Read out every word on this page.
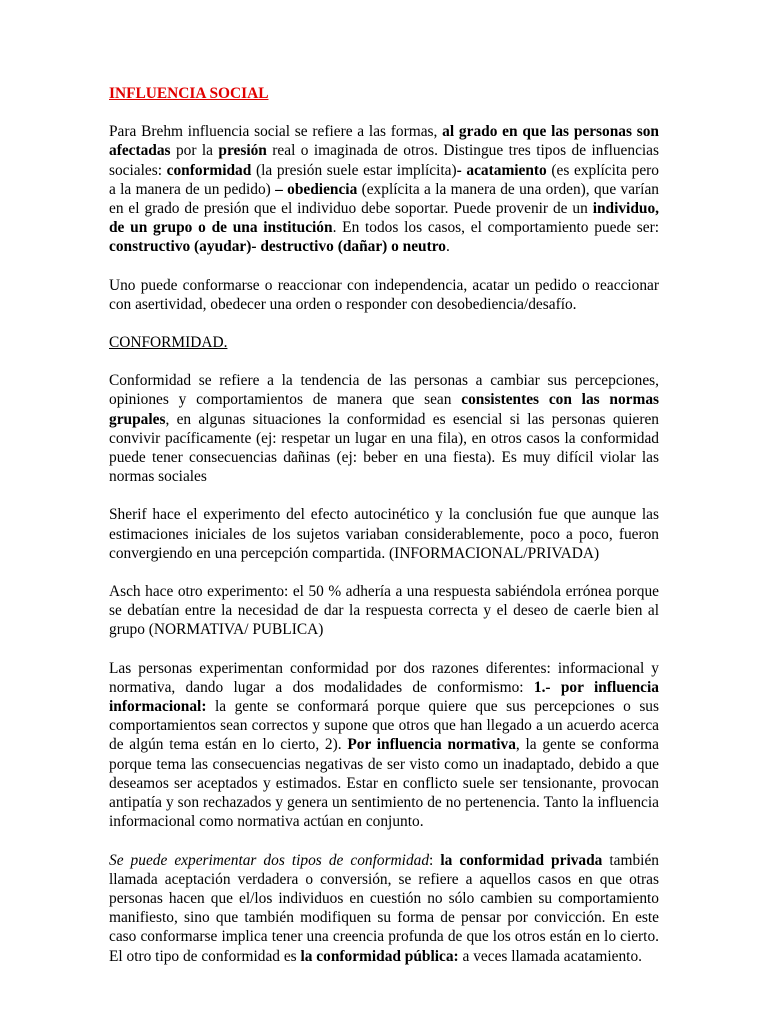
INFLUENCIA SOCIAL

Para Brehm influencia social se refiere a las formas, al grado en que las personas son afectadas por la presión real o imaginada de otros. Distingue tres tipos de influencias sociales: conformidad (la presión suele estar implícita)- acatamiento (es explícita pero a la manera de un pedido) – obediencia (explícita a la manera de una orden), que varían en el grado de presión que el individuo debe soportar. Puede provenir de un individuo, de un grupo o de una institución. En todos los casos, el comportamiento puede ser: constructivo (ayudar)- destructivo (dañar) o neutro.

Uno puede conformarse o reaccionar con independencia, acatar un pedido o reaccionar con asertividad, obedecer una orden o responder con desobediencia/desafío.

CONFORMIDAD.

Conformidad se refiere a la tendencia de las personas a cambiar sus percepciones, opiniones y comportamientos de manera que sean consistentes con las normas grupales, en algunas situaciones la conformidad es esencial si las personas quieren convivir pacíficamente (ej: respetar un lugar en una fila), en otros casos la conformidad puede tener consecuencias dañinas (ej: beber en una fiesta). Es muy difícil violar las normas sociales

Sherif hace el experimento del efecto autocinético y la conclusión fue que aunque las estimaciones iniciales de los sujetos variaban considerablemente, poco a poco, fueron convergiendo en una percepción compartida. (INFORMACIONAL/PRIVADA)

Asch hace otro experimento: el 50 % adhería a una respuesta sabiéndola errónea porque se debatían entre la necesidad de dar la respuesta correcta y el deseo de caerle bien al grupo (NORMATIVA/ PUBLICA)

Las personas experimentan conformidad por dos razones diferentes: informacional y normativa, dando lugar a dos modalidades de conformismo: 1.- por influencia informacional: la gente se conformará porque quiere que sus percepciones o sus comportamientos sean correctos y supone que otros que han llegado a un acuerdo acerca de algún tema están en lo cierto, 2). Por influencia normativa, la gente se conforma porque tema las consecuencias negativas de ser visto como un inadaptado, debido a que deseamos ser aceptados y estimados. Estar en conflicto suele ser tensionante, provocan antipatía y son rechazados y genera un sentimiento de no pertenencia. Tanto la influencia informacional como normativa actúan en conjunto.

Se puede experimentar dos tipos de conformidad: la conformidad privada también llamada aceptación verdadera o conversión, se refiere a aquellos casos en que otras personas hacen que el/los individuos en cuestión no sólo cambien su comportamiento manifiesto, sino que también modifiquen su forma de pensar por convicción. En este caso conformarse implica tener una creencia profunda de que los otros están en lo cierto. El otro tipo de conformidad es la conformidad pública: a veces llamada acatamiento.
